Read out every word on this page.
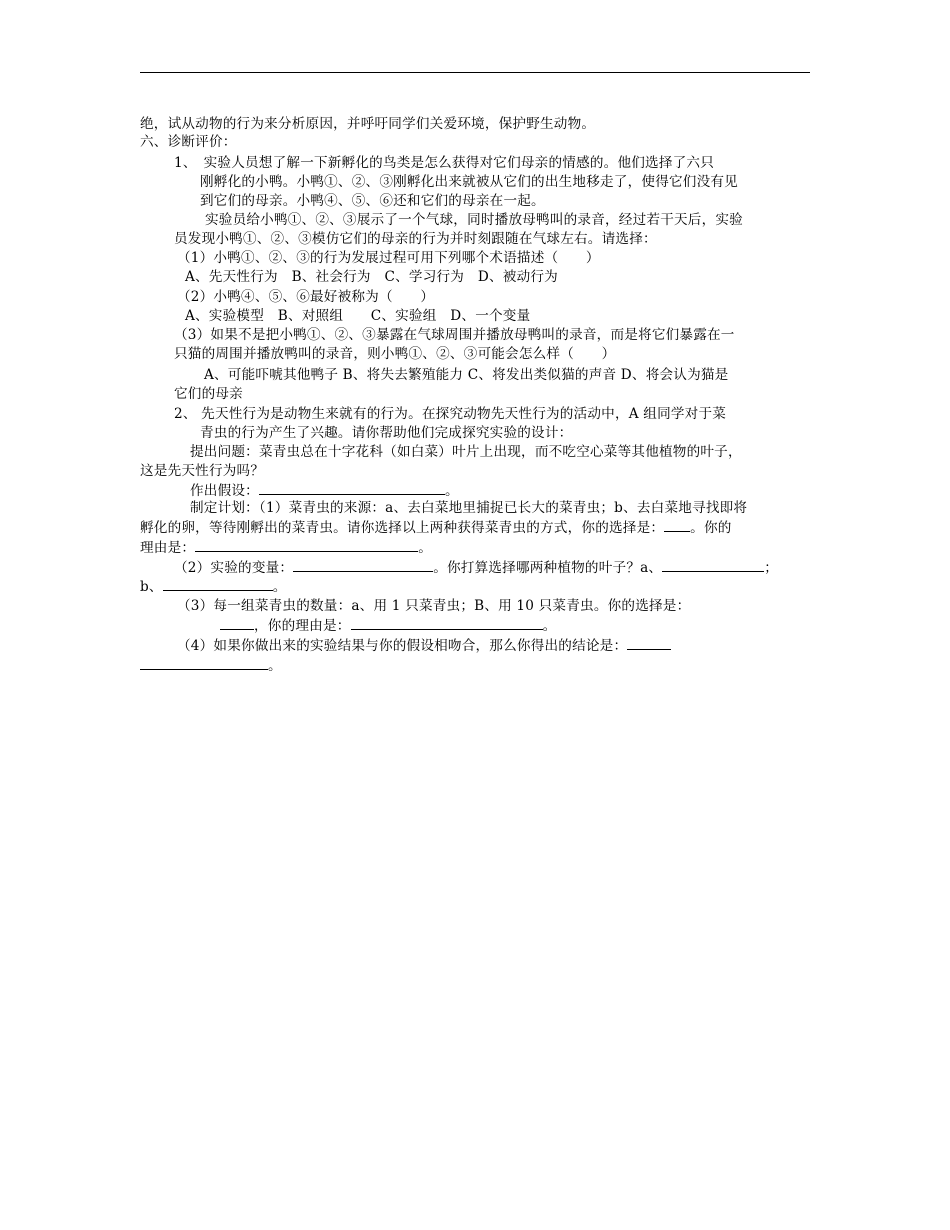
绝，试从动物的行为来分析原因，并呼吁同学们关爱环境，保护野生动物。
六、诊断评价：
1、　实验人员想了解一下新孵化的鸟类是怎么获得对它们母亲的情感的。他们选择了六只
刚孵化的小鸭。小鸭①、②、③刚孵化出来就被从它们的出生地移走了，使得它们没有见
到它们的母亲。小鸭④、⑤、⑥还和它们的母亲在一起。
实验员给小鸭①、②、③展示了一个气球，同时播放母鸭叫的录音，经过若干天后，实验
员发现小鸭①、②、③模仿它们的母亲的行为并时刻跟随在气球左右。请选择：
（1）小鸭①、②、③的行为发展过程可用下列哪个术语描述（　　）
A、先天性行为　B、社会行为　C、学习行为　D、被动行为
（2）小鸭④、⑤、⑥最好被称为（　　）
A、实验模型　B、对照组　　C、实验组　D、一个变量
（3）如果不是把小鸭①、②、③暴露在气球周围并播放母鸭叫的录音，而是将它们暴露在一
只猫的周围并播放鸭叫的录音，则小鸭①、②、③可能会怎么样（　　）
A、可能吓唬其他鸭子 B、将失去繁殖能力 C、将发出类似猫的声音 D、将会认为猫是
它们的母亲
2、 先天性行为是动物生来就有的行为。在探究动物先天性行为的活动中，A 组同学对于菜
青虫的行为产生了兴趣。请你帮助他们完成探究实验的设计：
提出问题：菜青虫总在十字花科（如白菜）叶片上出现，而不吃空心菜等其他植物的叶子，
这是先天性行为吗？
作出假设：	。
制定计划：（1）菜青虫的来源：a、去白菜地里捕捉已长大的菜青虫；b、去白菜地寻找即将
孵化的卵，等待刚孵出的菜青虫。请你选择以上两种获得菜青虫的方式，你的选择是： 。你的
理由是：	。
（2）实验的变量：	。你打算选择哪两种植物的叶子？a、	；
b、	。
（3）每一组菜青虫的数量：a、用 1 只菜青虫；B、用 10 只菜青虫。你的选择是：
，你的理由是：	。
（4）如果你做出来的实验结果与你的假设相吻合，那么你得出的结论是：
。
